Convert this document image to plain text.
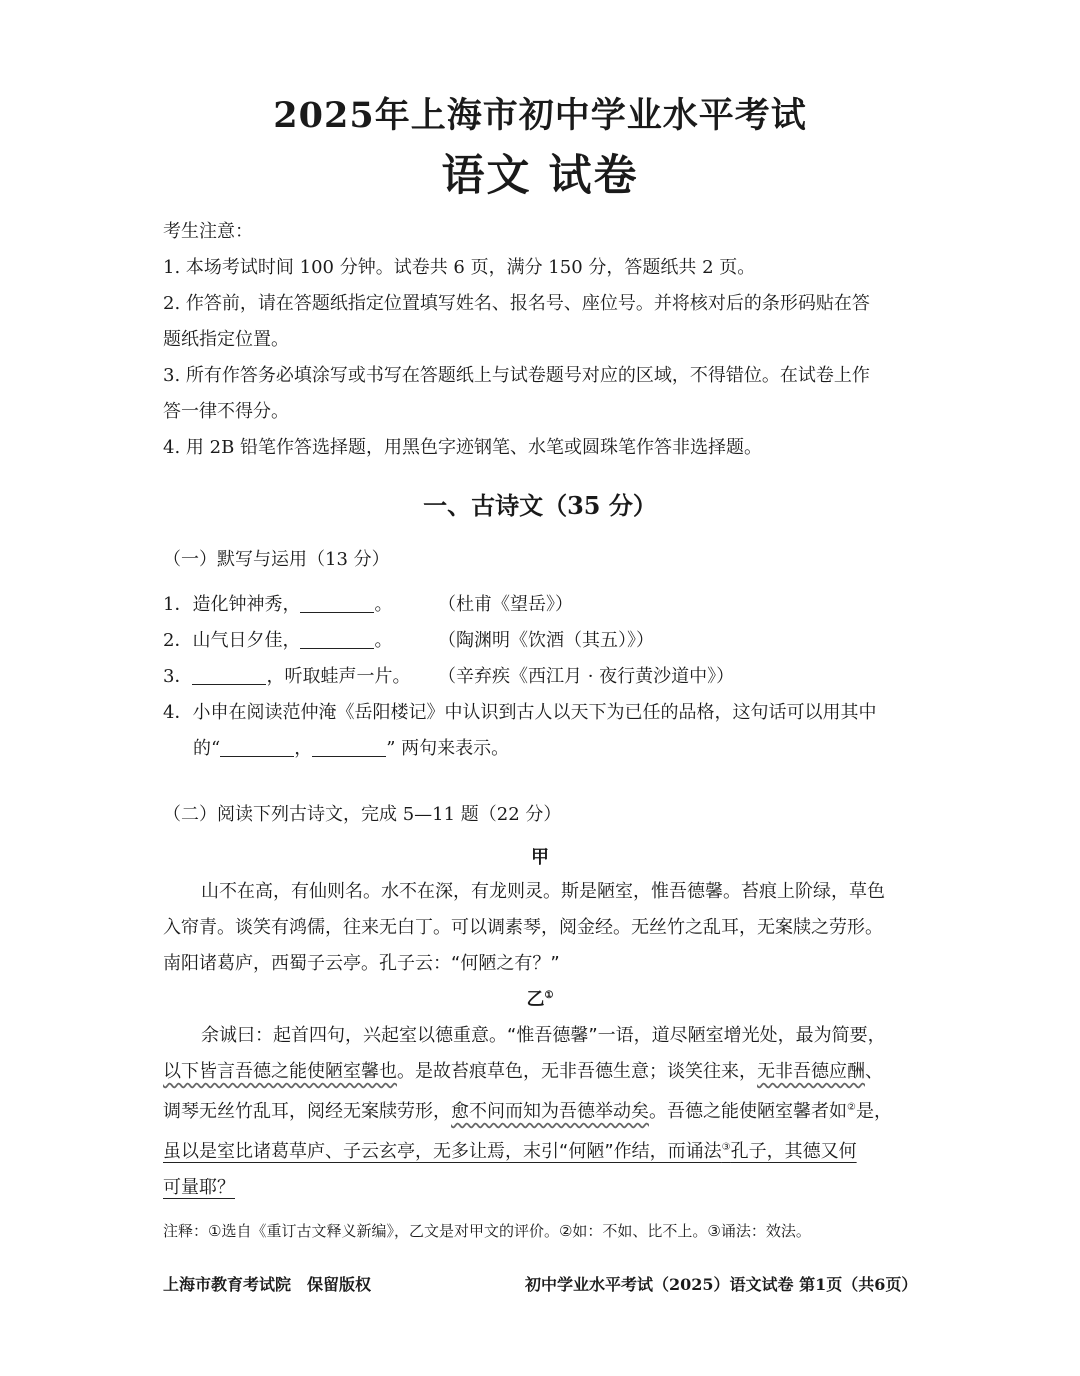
2025年上海市初中学业水平考试
语文 试卷
考生注意：
1. 本场考试时间 100 分钟。试卷共 6 页，满分 150 分，答题纸共 2 页。
2. 作答前，请在答题纸指定位置填写姓名、报名号、座位号。并将核对后的条形码贴在答
题纸指定位置。
3. 所有作答务必填涂写或书写在答题纸上与试卷题号对应的区域，不得错位。在试卷上作
答一律不得分。
4. 用 2B 铅笔作答选择题，用黑色字迹钢笔、水笔或圆珠笔作答非选择题。
一、古诗文（35 分）
（一）默写与运用（13 分）
1．造化钟神秀，	。	（杜甫《望岳》）
2．山气日夕佳，	。	（陶渊明《饮酒（其五）》）
3．	，听取蛙声一片。 （辛弃疾《西江月 · 夜行黄沙道中》）
4．小申在阅读范仲淹《岳阳楼记》中认识到古人以天下为已任的品格，这句话可以用其中
的“	，	” 两句来表示。
（二）阅读下列古诗文，完成 5—11 题（22 分）
甲
山不在高，有仙则名。水不在深，有龙则灵。斯是陋室，惟吾德馨。苔痕上阶绿，草色
入帘青。谈笑有鸿儒，往来无白丁。可以调素琴，阅金经。无丝竹之乱耳，无案牍之劳形。
南阳诸葛庐，西蜀子云亭。孔子云：“何陋之有？”
乙①
余诚曰：起首四句，兴起室以德重意。“惟吾德馨”一语，道尽陋室增光处，最为简要，
以下皆言吾德之能使陋室馨也。是故苔痕草色，无非吾德生意；谈笑往来，无非吾德应酬、
调琴无丝竹乱耳，阅经无案牍劳形，愈不问而知为吾德举动矣。吾德之能使陋室馨者如②是，
虽以是室比诸葛草庐、子云玄亭，无多让焉，末引“何陋”作结，而诵法③孔子，其德又何
可量耶？
注释：①选自《重订古文释义新编》，乙文是对甲文的评价。②如：不如、比不上。③诵法：效法。
上海市教育考试院　保留版权	初中学业水平考试（2025）语文试卷 第1页（共6页）
